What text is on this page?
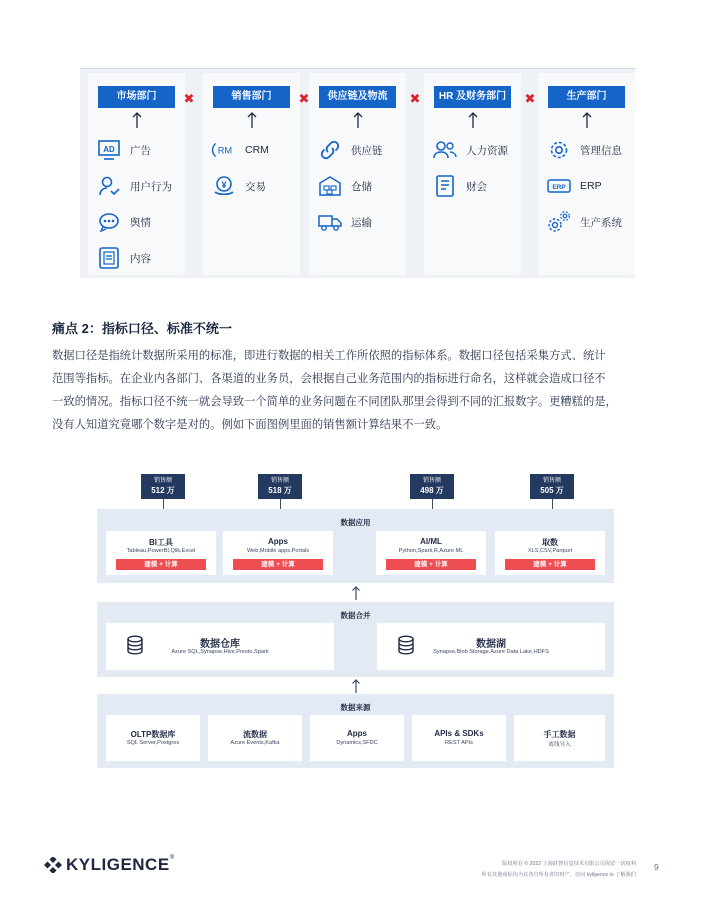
市场部门
AD 广告
用户行为
舆情
内容
✖	销售部门
RM CRM
¥ 交易
✖	供应链及物流
供应链
仓储
运输
✖	HR 及财务部门
人力资源
财会
✖	生产部门
管理信息
ERP ERP
生产系统
痛点 2：指标口径、标准不统一
数据口径是指统计数据所采用的标准，即进行数据的相关工作所依照的指标体系。数据口径包括采集方式、统计
范围等指标。在企业内各部门、各渠道的业务员，会根据自己业务范围内的指标进行命名，这样就会造成口径不
一致的情况。指标口径不统一就会导致一个简单的业务问题在不同团队那里会得到不同的汇报数字。更糟糕的是，
没有人知道究竟哪个数字是对的。例如下面图例里面的销售额计算结果不一致。
销售额
512 万
销售额
518 万
销售额
498 万
销售额
505 万
数据应用
BI工具
Tableau,PowerBI,Qlik,Excel
建模 + 计算
Apps
Web,Mobile apps,Portals
建模 + 计算
AI/ML
Python,Spark,R,Azure ML
建模 + 计算
取数
XLS,CSV,Parquet
建模 + 计算
数据合并
数据仓库
Azure SQL,Synapse,Hive,Presto,Spark
数据湖
Synapse,Blob Storage,Azure Data Lake,HDFS
数据来源
OLTP数据库
SQL Server,Postgres
流数据
Azure Events,Kafka
Apps
Dynamics,SFDC
APIs & SDKs
REST APIs
手工数据
离线导入
KYLIGENCE®
版权所有 © 2022 上海跬智信息技术有限公司保留一切权利
所有其他商标均为其各自所有者的财产。访问 kyligence.io 了解我们
9
